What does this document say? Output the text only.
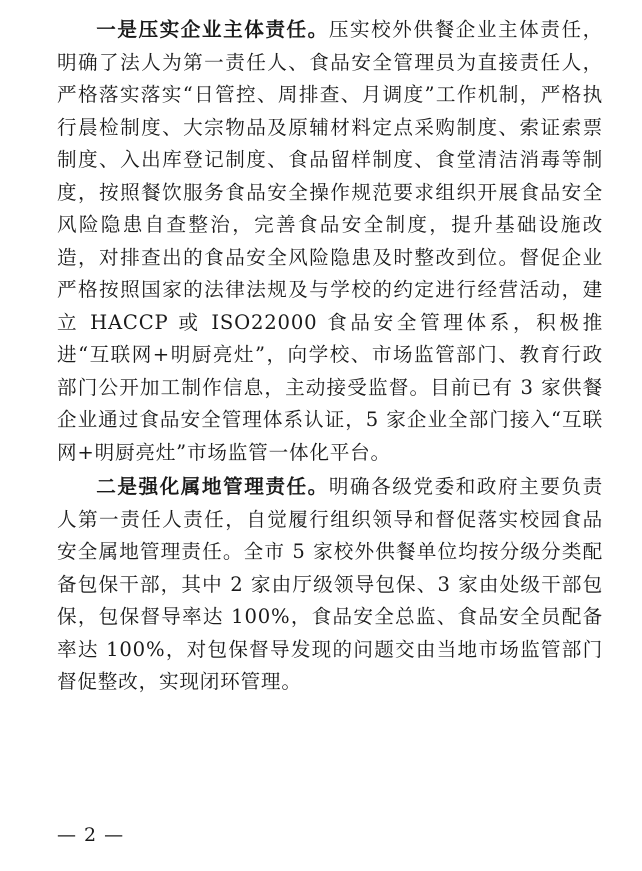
一是压实企业主体责任。压实校外供餐企业主体责任，明确了法人为第一责任人、食品安全管理员为直接责任人，严格落实落实“日管控、周排查、月调度”工作机制，严格执行晨检制度、大宗物品及原辅材料定点采购制度、索证索票制度、入出库登记制度、食品留样制度、食堂清洁消毒等制度，按照餐饮服务食品安全操作规范要求组织开展食品安全风险隐患自查整治，完善食品安全制度，提升基础设施改造，对排查出的食品安全风险隐患及时整改到位。督促企业严格按照国家的法律法规及与学校的约定进行经营活动，建立 HACCP 或 ISO22000 食品安全管理体系，积极推进“互联网+明厨亮灶”，向学校、市场监管部门、教育行政部门公开加工制作信息，主动接受监督。目前已有 3 家供餐企业通过食品安全管理体系认证，5 家企业全部门接入“互联网+明厨亮灶”市场监管一体化平台。

二是强化属地管理责任。明确各级党委和政府主要负责人第一责任人责任，自觉履行组织领导和督促落实校园食品安全属地管理责任。全市 5 家校外供餐单位均按分级分类配备包保干部，其中 2 家由厅级领导包保、3 家由处级干部包保，包保督导率达 100%，食品安全总监、食品安全员配备率达 100%，对包保督导发现的问题交由当地市场监管部门督促整改，实现闭环管理。

— 2 —
